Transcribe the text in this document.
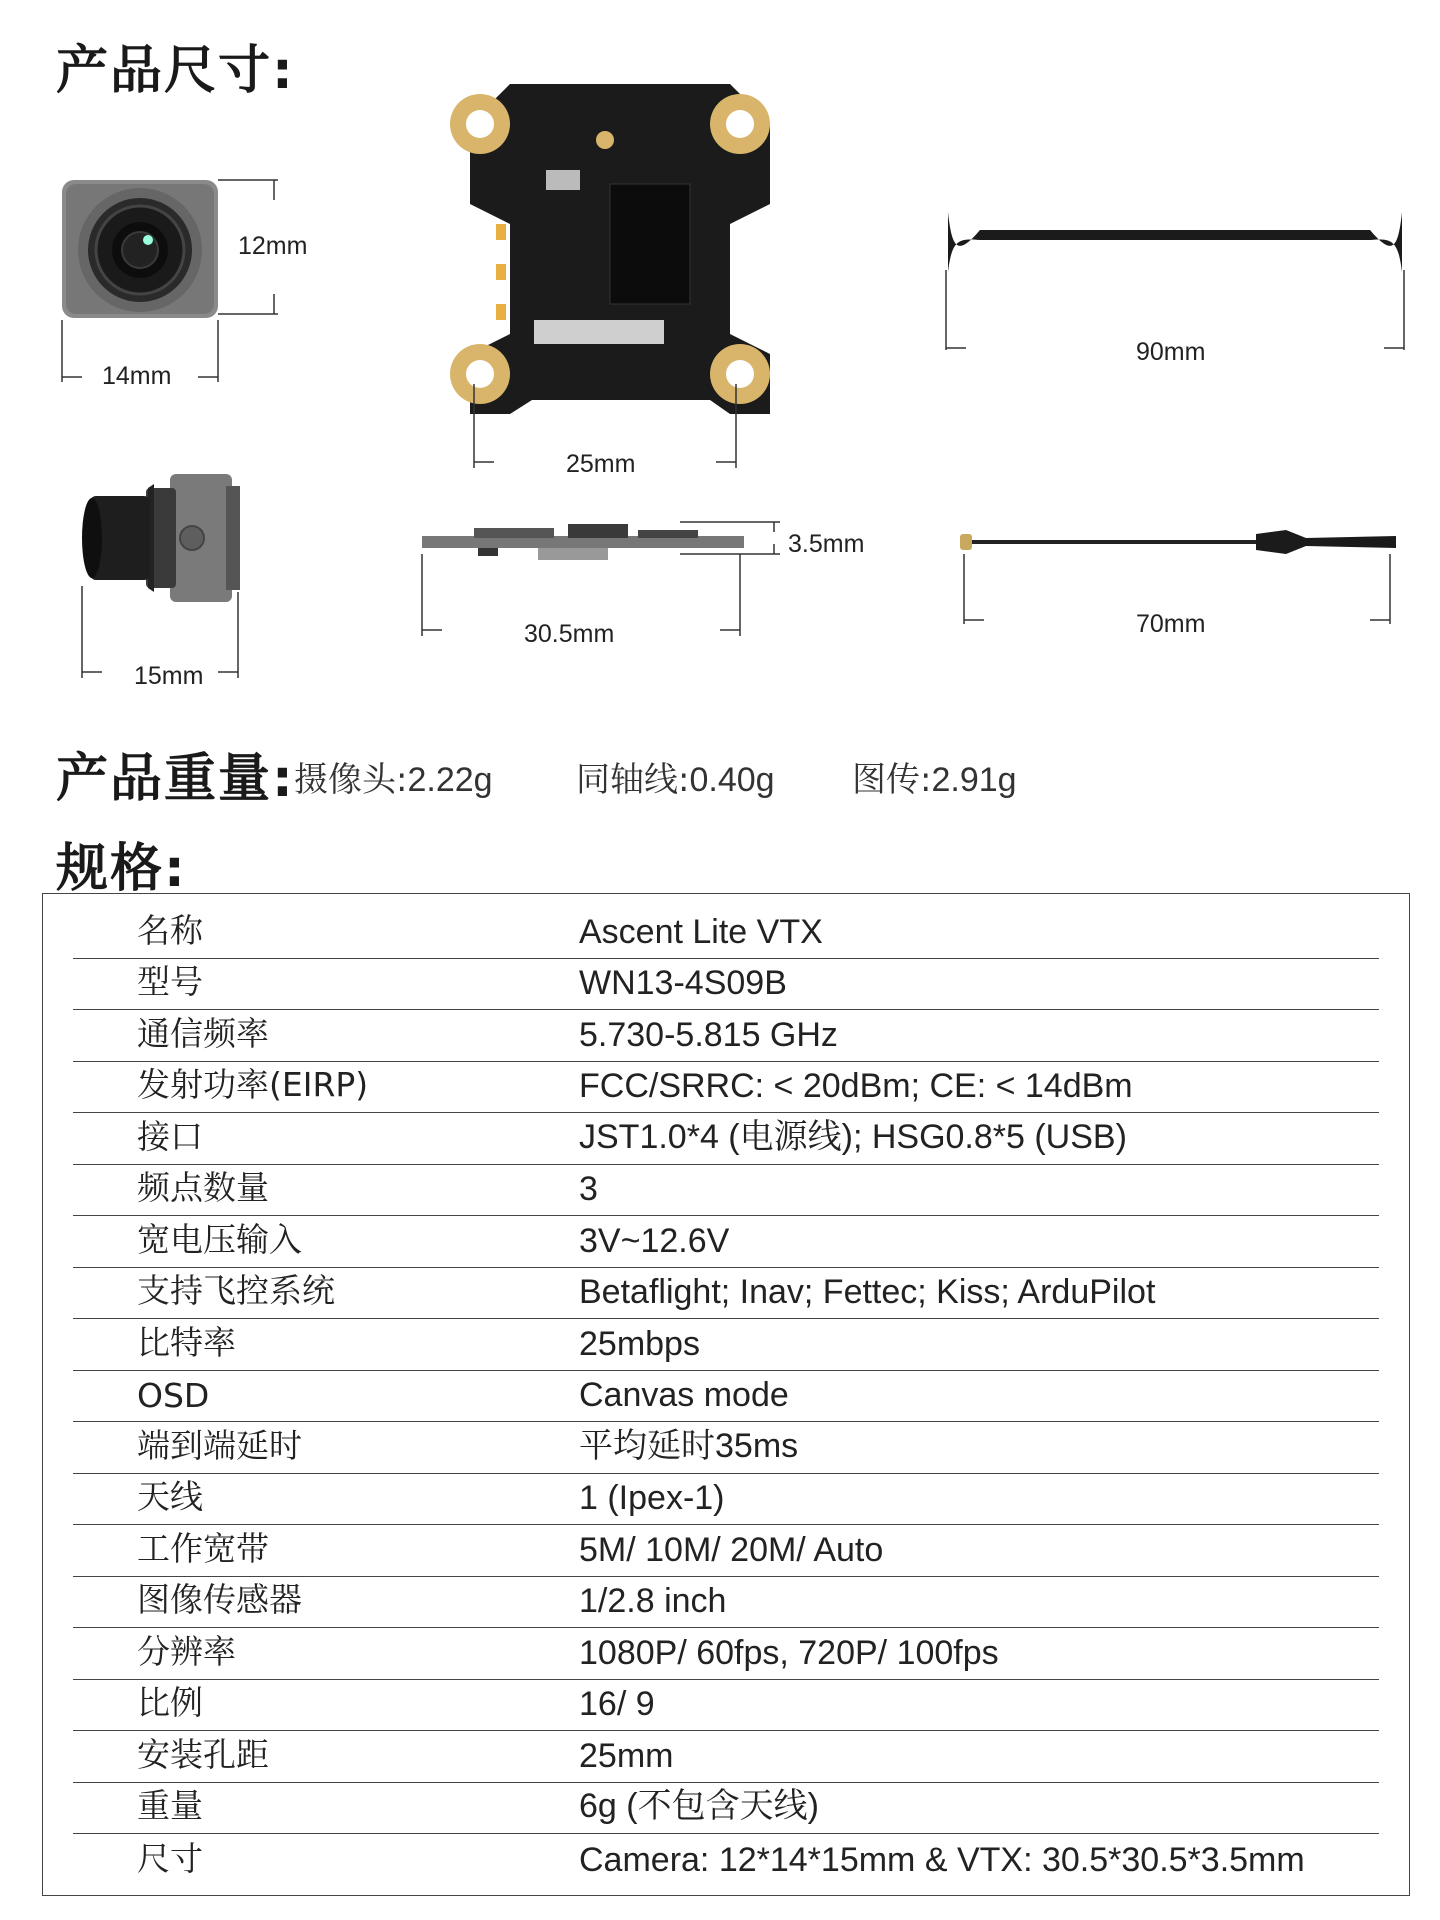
产品尺寸:
12mm
14mm
15mm
25mm
3.5mm
30.5mm
90mm
70mm
产品重量: 摄像头:2.22g 同轴线:0.40g 图传:2.91g
规格:
名称	Ascent Lite VTX
型号	WN13-4S09B
通信频率	5.730-5.815 GHz
发射功率(EIRP)	FCC/SRRC: < 20dBm; CE: < 14dBm
接口	JST1.0*4 (电源线); HSG0.8*5 (USB)
频点数量	3
宽电压输入	3V~12.6V
支持飞控系统	Betaflight; Inav; Fettec; Kiss; ArduPilot
比特率	25mbps
OSD	Canvas mode
端到端延时	平均延时35ms
天线	1 (Ipex-1)
工作宽带	5M/ 10M/ 20M/ Auto
图像传感器	1/2.8 inch
分辨率	1080P/ 60fps, 720P/ 100fps
比例	16/ 9
安装孔距	25mm
重量	6g (不包含天线)
尺寸	Camera: 12*14*15mm & VTX: 30.5*30.5*3.5mm
